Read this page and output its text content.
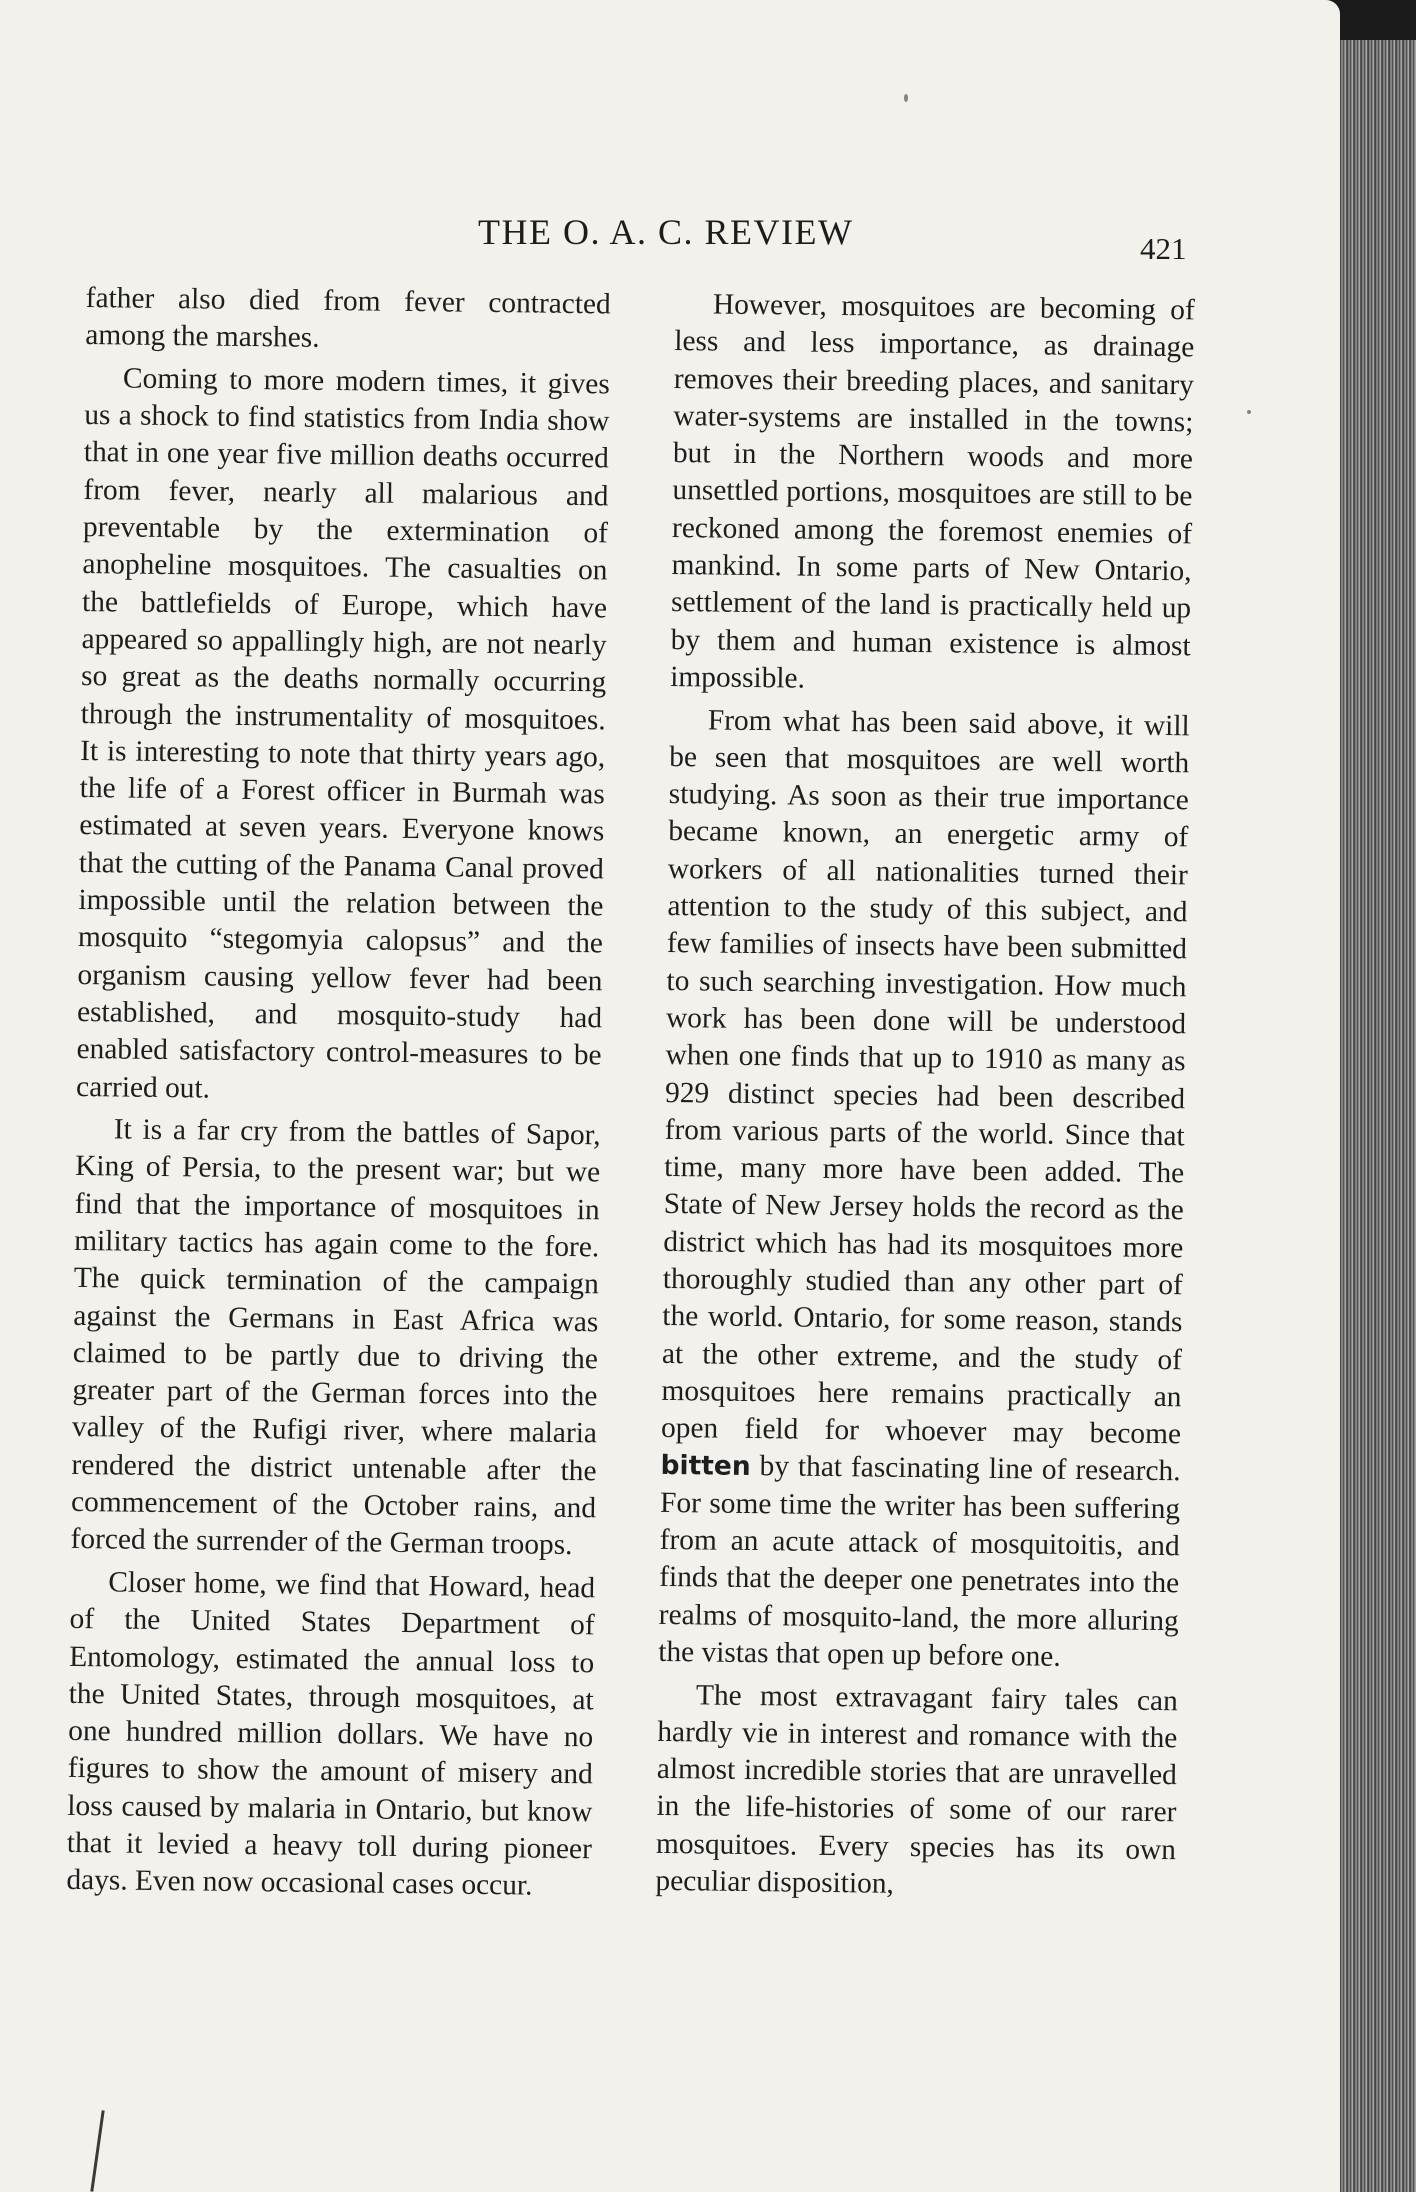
THE O. A. C. REVIEW	421

father also died from fever contracted among the marshes.

Coming to more modern times, it gives us a shock to find statistics from India show that in one year five million deaths occurred from fever, nearly all malarious and preventable by the extermination of anopheline mosquitoes. The casualties on the battlefields of Europe, which have appeared so appallingly high, are not nearly so great as the deaths normally occurring through the instrumentality of mosquitoes. It is interesting to note that thirty years ago, the life of a Forest officer in Burmah was estimated at seven years. Everyone knows that the cutting of the Panama Canal proved impossible until the relation between the mosquito “stegomyia calopsus” and the organism causing yellow fever had been established, and mosquito-study had enabled satisfactory control-measures to be carried out.

It is a far cry from the battles of Sapor, King of Persia, to the present war; but we find that the importance of mosquitoes in military tactics has again come to the fore. The quick termination of the campaign against the Germans in East Africa was claimed to be partly due to driving the greater part of the German forces into the valley of the Rufigi river, where malaria rendered the district untenable after the commencement of the October rains, and forced the surrender of the German troops.

Closer home, we find that Howard, head of the United States Department of Entomology, estimated the annual loss to the United States, through mosquitoes, at one hundred million dollars. We have no figures to show the amount of misery and loss caused by malaria in Ontario, but know that it levied a heavy toll during pioneer days. Even now occasional cases occur.

However, mosquitoes are becoming of less and less importance, as drainage removes their breeding places, and sanitary water-systems are installed in the towns; but in the Northern woods and more unsettled portions, mosquitoes are still to be reckoned among the foremost enemies of mankind. In some parts of New Ontario, settlement of the land is practically held up by them and human existence is almost impossible.

From what has been said above, it will be seen that mosquitoes are well worth studying. As soon as their true importance became known, an energetic army of workers of all nationalities turned their attention to the study of this subject, and few families of insects have been submitted to such searching investigation. How much work has been done will be understood when one finds that up to 1910 as many as 929 distinct species had been described from various parts of the world. Since that time, many more have been added. The State of New Jersey holds the record as the district which has had its mosquitoes more thoroughly studied than any other part of the world. Ontario, for some reason, stands at the other extreme, and the study of mosquitoes here remains practically an open field for whoever may become bitten by that fascinating line of research. For some time the writer has been suffering from an acute attack of mosquitoitis, and finds that the deeper one penetrates into the realms of mosquito-land, the more alluring the vistas that open up before one.

The most extravagant fairy tales can hardly vie in interest and romance with the almost incredible stories that are unravelled in the life-histories of some of our rarer mosquitoes. Every species has its own peculiar disposition,
